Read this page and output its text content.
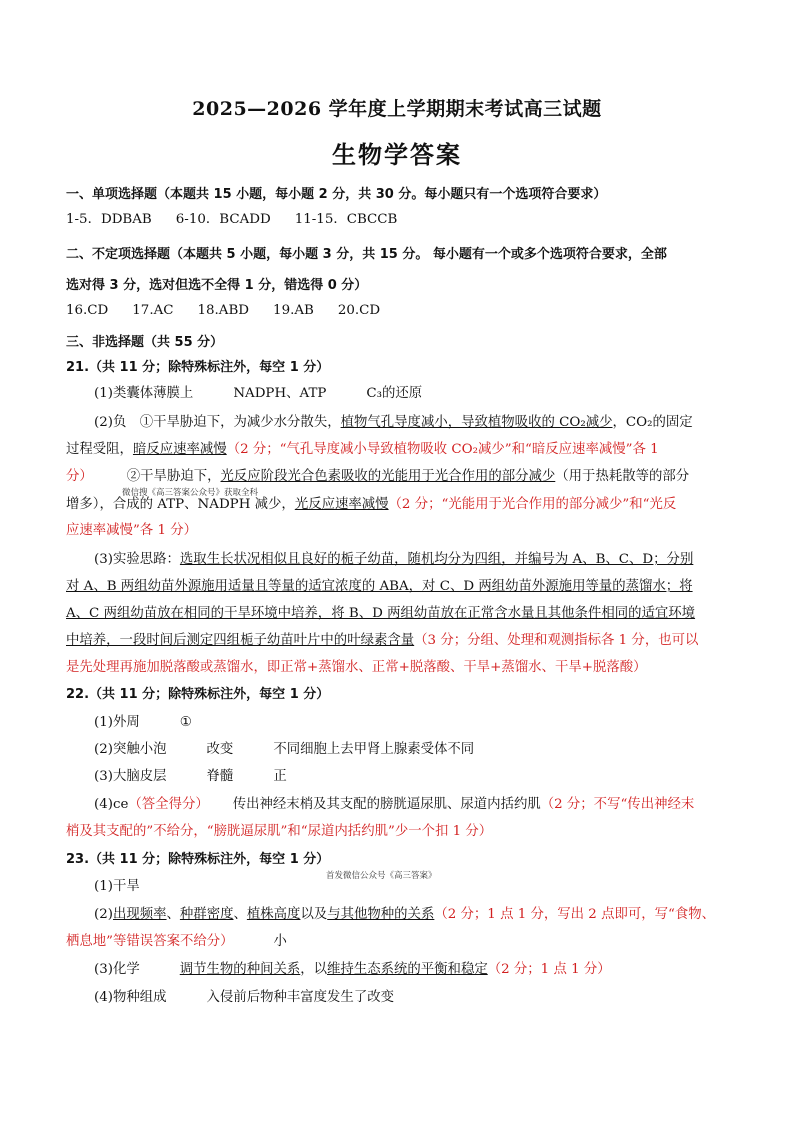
2025—2026 学年度上学期期末考试高三试题
生物学答案
一、单项选择题（本题共 15 小题，每小题 2 分，共 30 分。每小题只有一个选项符合要求）
1-5．DDBAB 6-10．BCADD 11-15．CBCCB
二、不定项选择题（本题共 5 小题，每小题 3 分，共 15 分。 每小题有一个或多个选项符合要求，全部
选对得 3 分，选对但选不全得 1 分，错选得 0 分）
16.CD 17.AC 18.ABD 19.AB 20.CD
三、非选择题（共 55 分）
21.（共 11 分；除特殊标注外，每空 1 分）
(1)类囊体薄膜上	NADPH、ATP	C₃的还原
(2)负　①干旱胁迫下，为减少水分散失，植物气孔导度减小，导致植物吸收的 CO₂减少，CO₂的固定
过程受阻，暗反应速率减慢（2 分；“气孔导度减小导致植物吸收 CO₂减少”和“暗反应速率减慢”各 1
分）	②干旱胁迫下，光反应阶段光合色素吸收的光能用于光合作用的部分减少（用于热耗散等的部分
微信搜《高三答案公众号》获取全科
增多），合成的 ATP、NADPH 减少，光反应速率减慢（2 分；“光能用于光合作用的部分减少”和“光反
应速率减慢”各 1 分）
(3)实验思路：选取生长状况相似且良好的栀子幼苗，随机均分为四组，并编号为 A、B、C、D；分别
对 A、B 两组幼苗外源施用适量且等量的适宜浓度的 ABA，对 C、D 两组幼苗外源施用等量的蒸馏水；将
A、C 两组幼苗放在相同的干旱环境中培养，将 B、D 两组幼苗放在正常含水量且其他条件相同的适宜环境
中培养，一段时间后测定四组栀子幼苗叶片中的叶绿素含量（3 分；分组、处理和观测指标各 1 分，也可以
是先处理再施加脱落酸或蒸馏水，即正常+蒸馏水、正常+脱落酸、干旱+蒸馏水、干旱+脱落酸）
22.（共 11 分；除特殊标注外，每空 1 分）
(1)外周	①
(2)突触小泡	改变	不同细胞上去甲肾上腺素受体不同
(3)大脑皮层	脊髓	正
(4)ce（答全得分） 传出神经末梢及其支配的膀胱逼尿肌、尿道内括约肌（2 分；不写“传出神经末
梢及其支配的”不给分，“膀胱逼尿肌”和“尿道内括约肌”少一个扣 1 分）
23.（共 11 分；除特殊标注外，每空 1 分）
首发微信公众号《高三答案》
(1)干旱
(2)出现频率、种群密度、植株高度以及与其他物种的关系（2 分；1 点 1 分，写出 2 点即可，写“食物、
栖息地”等错误答案不给分）	小
(3)化学	调节生物的种间关系，以维持生态系统的平衡和稳定（2 分；1 点 1 分）
(4)物种组成	入侵前后物种丰富度发生了改变
